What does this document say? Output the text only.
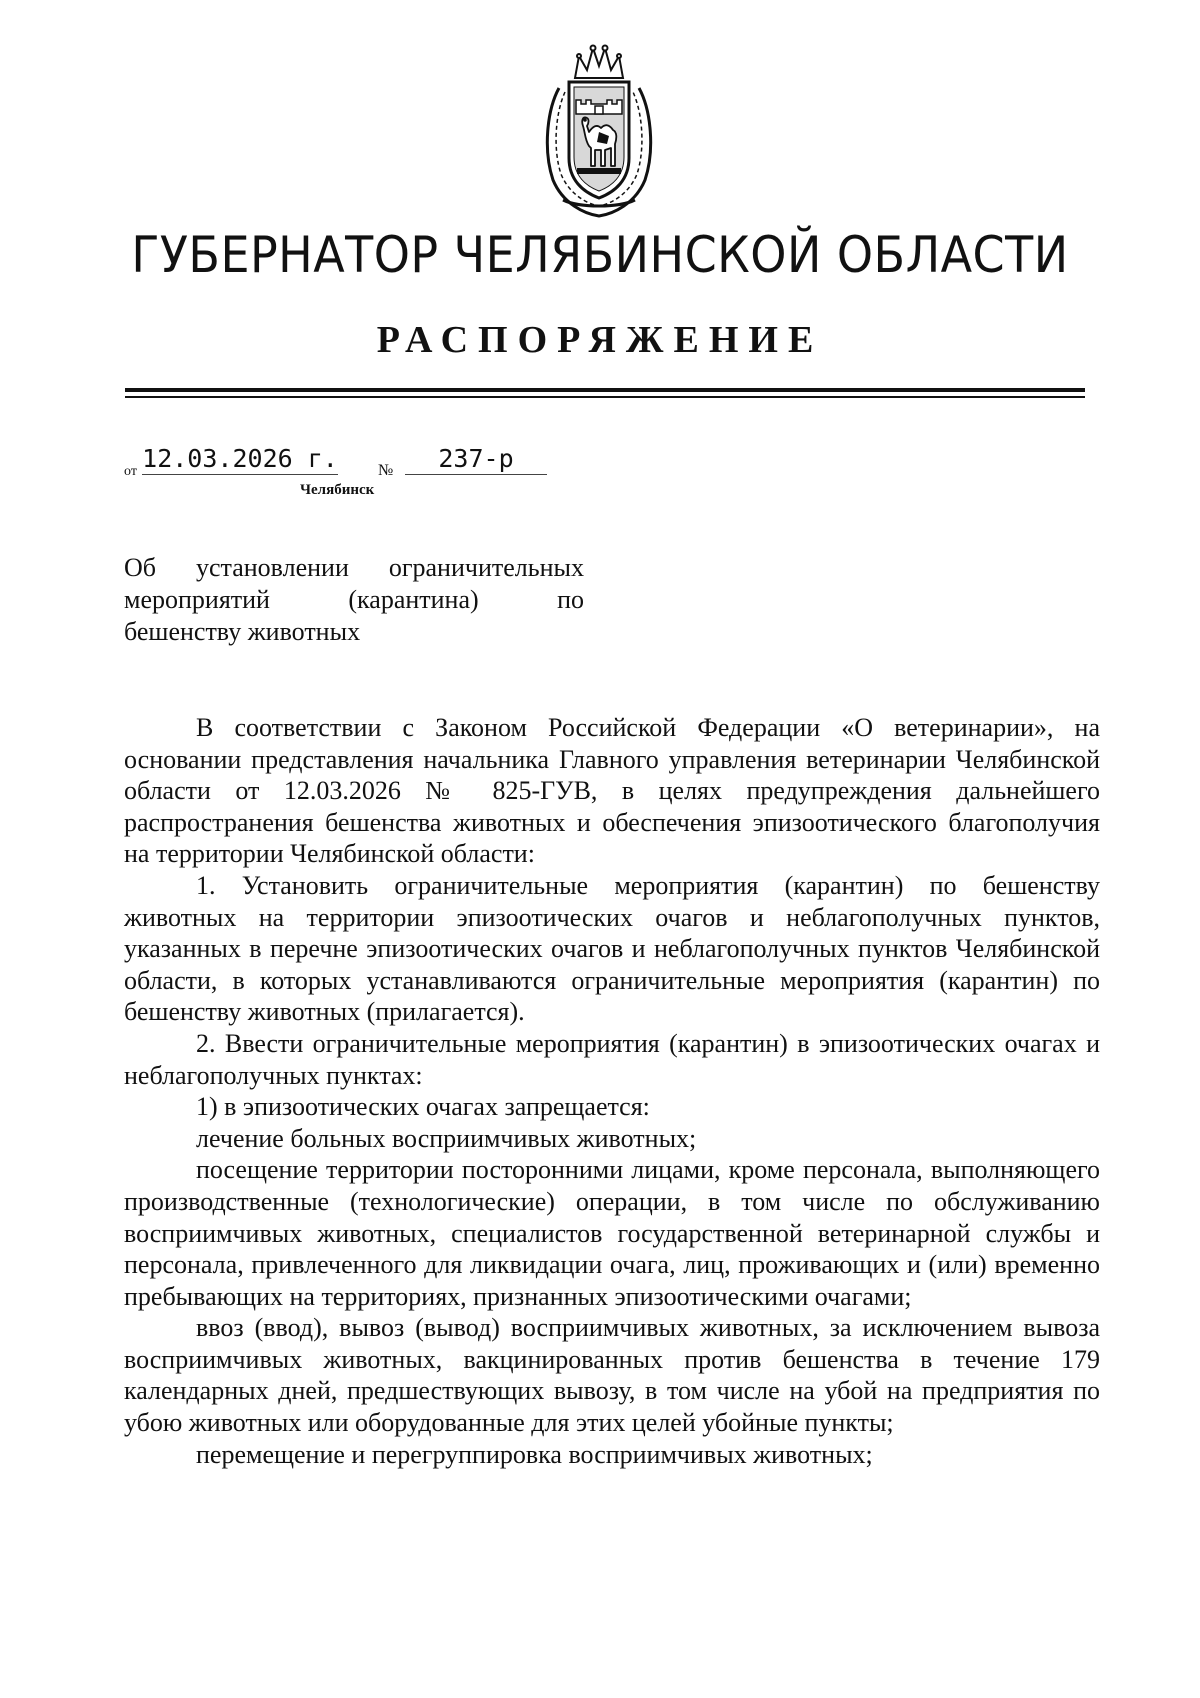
ГУБЕРНАТОР ЧЕЛЯБИНСКОЙ ОБЛАСТИ
РАСПОРЯЖЕНИЕ
от 12.03.2026 г.	№	237-р
Челябинск
Об установлении ограничительных
мероприятий (карантина) по
бешенству животных

В соответствии с Законом Российской Федерации «О ветеринарии», на основании представления начальника Главного управления ветеринарии Челябинской области от 12.03.2026 № 825-ГУВ, в целях предупреждения дальнейшего распространения бешенства животных и обеспечения эпизоотического благополучия на территории Челябинской области:

1. Установить ограничительные мероприятия (карантин) по бешенству животных на территории эпизоотических очагов и неблагополучных пунктов, указанных в перечне эпизоотических очагов и неблагополучных пунктов Челябинской области, в которых устанавливаются ограничительные мероприятия (карантин) по бешенству животных (прилагается).

2. Ввести ограничительные мероприятия (карантин) в эпизоотических очагах и неблагополучных пунктах:

1) в эпизоотических очагах запрещается:

лечение больных восприимчивых животных;

посещение территории посторонними лицами, кроме персонала, выполняющего производственные (технологические) операции, в том числе по обслуживанию восприимчивых животных, специалистов государственной ветеринарной службы и персонала, привлеченного для ликвидации очага, лиц, проживающих и (или) временно пребывающих на территориях, признанных эпизоотическими очагами;

ввоз (ввод), вывоз (вывод) восприимчивых животных, за исключением вывоза восприимчивых животных, вакцинированных против бешенства в течение 179 календарных дней, предшествующих вывозу, в том числе на убой на предприятия по убою животных или оборудованные для этих целей убойные пункты;

перемещение и перегруппировка восприимчивых животных;
